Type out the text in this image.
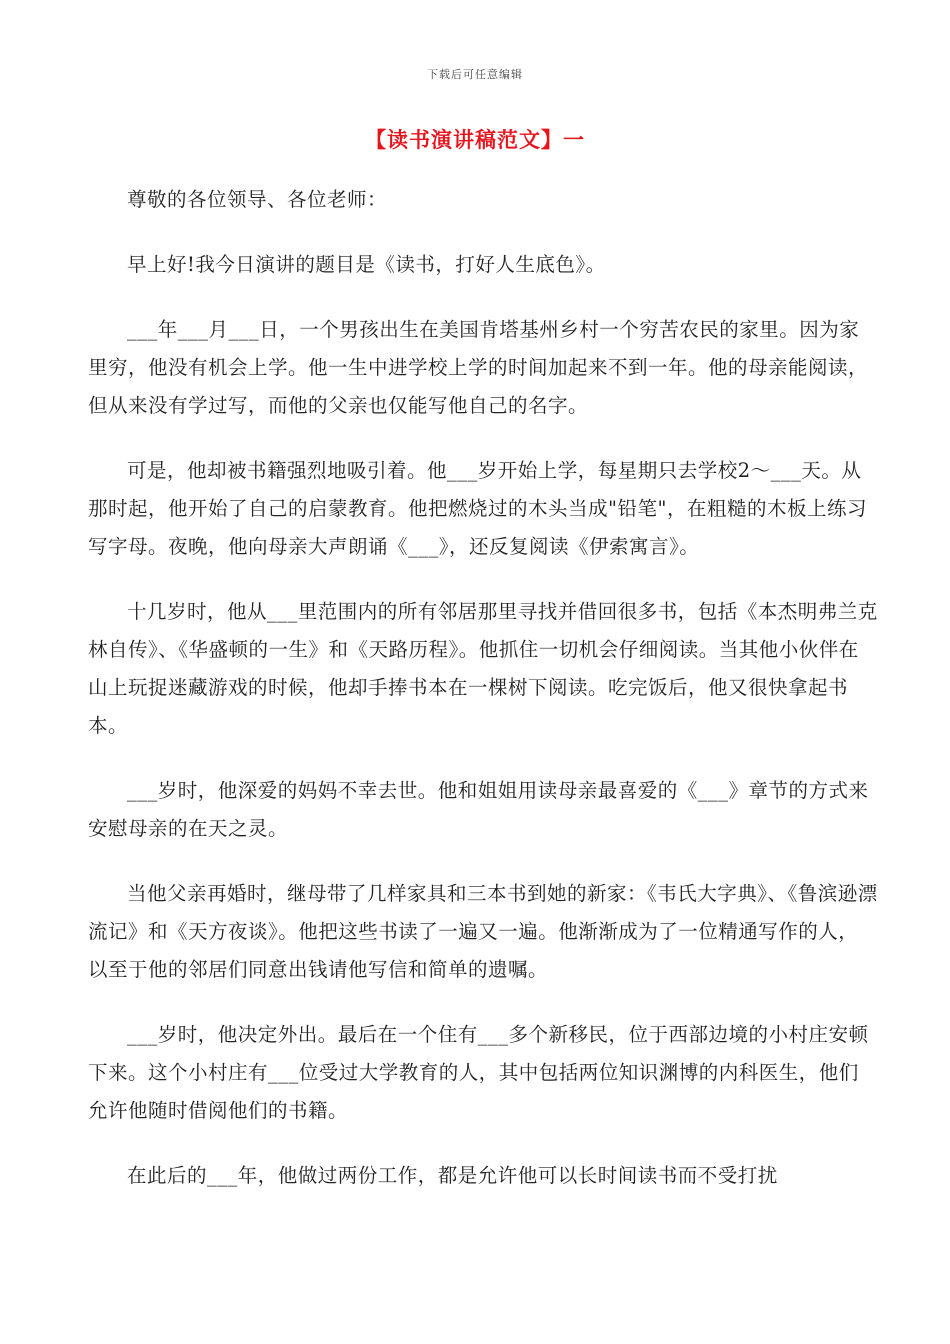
下载后可任意编辑
【读书演讲稿范文】一

尊敬的各位领导、各位老师：

早上好!我今日演讲的题目是《读书，打好人生底色》。

___年___月___日，一个男孩出生在美国肯塔基州乡村一个穷苦农民的家里。因为家里穷，他没有机会上学。他一生中进学校上学的时间加起来不到一年。他的母亲能阅读，但从来没有学过写，而他的父亲也仅能写他自己的名字。

可是，他却被书籍强烈地吸引着。他___岁开始上学，每星期只去学校2～___天。从那时起，他开始了自己的启蒙教育。他把燃烧过的木头当成"铅笔"，在粗糙的木板上练习写字母。夜晚，他向母亲大声朗诵《___》，还反复阅读《伊索寓言》。

十几岁时，他从___里范围内的所有邻居那里寻找并借回很多书，包括《本杰明弗兰克林自传》、《华盛顿的一生》和《天路历程》。他抓住一切机会仔细阅读。当其他小伙伴在山上玩捉迷藏游戏的时候，他却手捧书本在一棵树下阅读。吃完饭后，他又很快拿起书本。

___岁时，他深爱的妈妈不幸去世。他和姐姐用读母亲最喜爱的《___》章节的方式来安慰母亲的在天之灵。

当他父亲再婚时，继母带了几样家具和三本书到她的新家：《韦氏大字典》、《鲁滨逊漂流记》和《天方夜谈》。他把这些书读了一遍又一遍。他渐渐成为了一位精通写作的人，以至于他的邻居们同意出钱请他写信和简单的遗嘱。

___岁时，他决定外出。最后在一个住有___多个新移民，位于西部边境的小村庄安顿下来。这个小村庄有___位受过大学教育的人，其中包括两位知识渊博的内科医生，他们允许他随时借阅他们的书籍。

在此后的___年，他做过两份工作，都是允许他可以长时间读书而不受打扰
